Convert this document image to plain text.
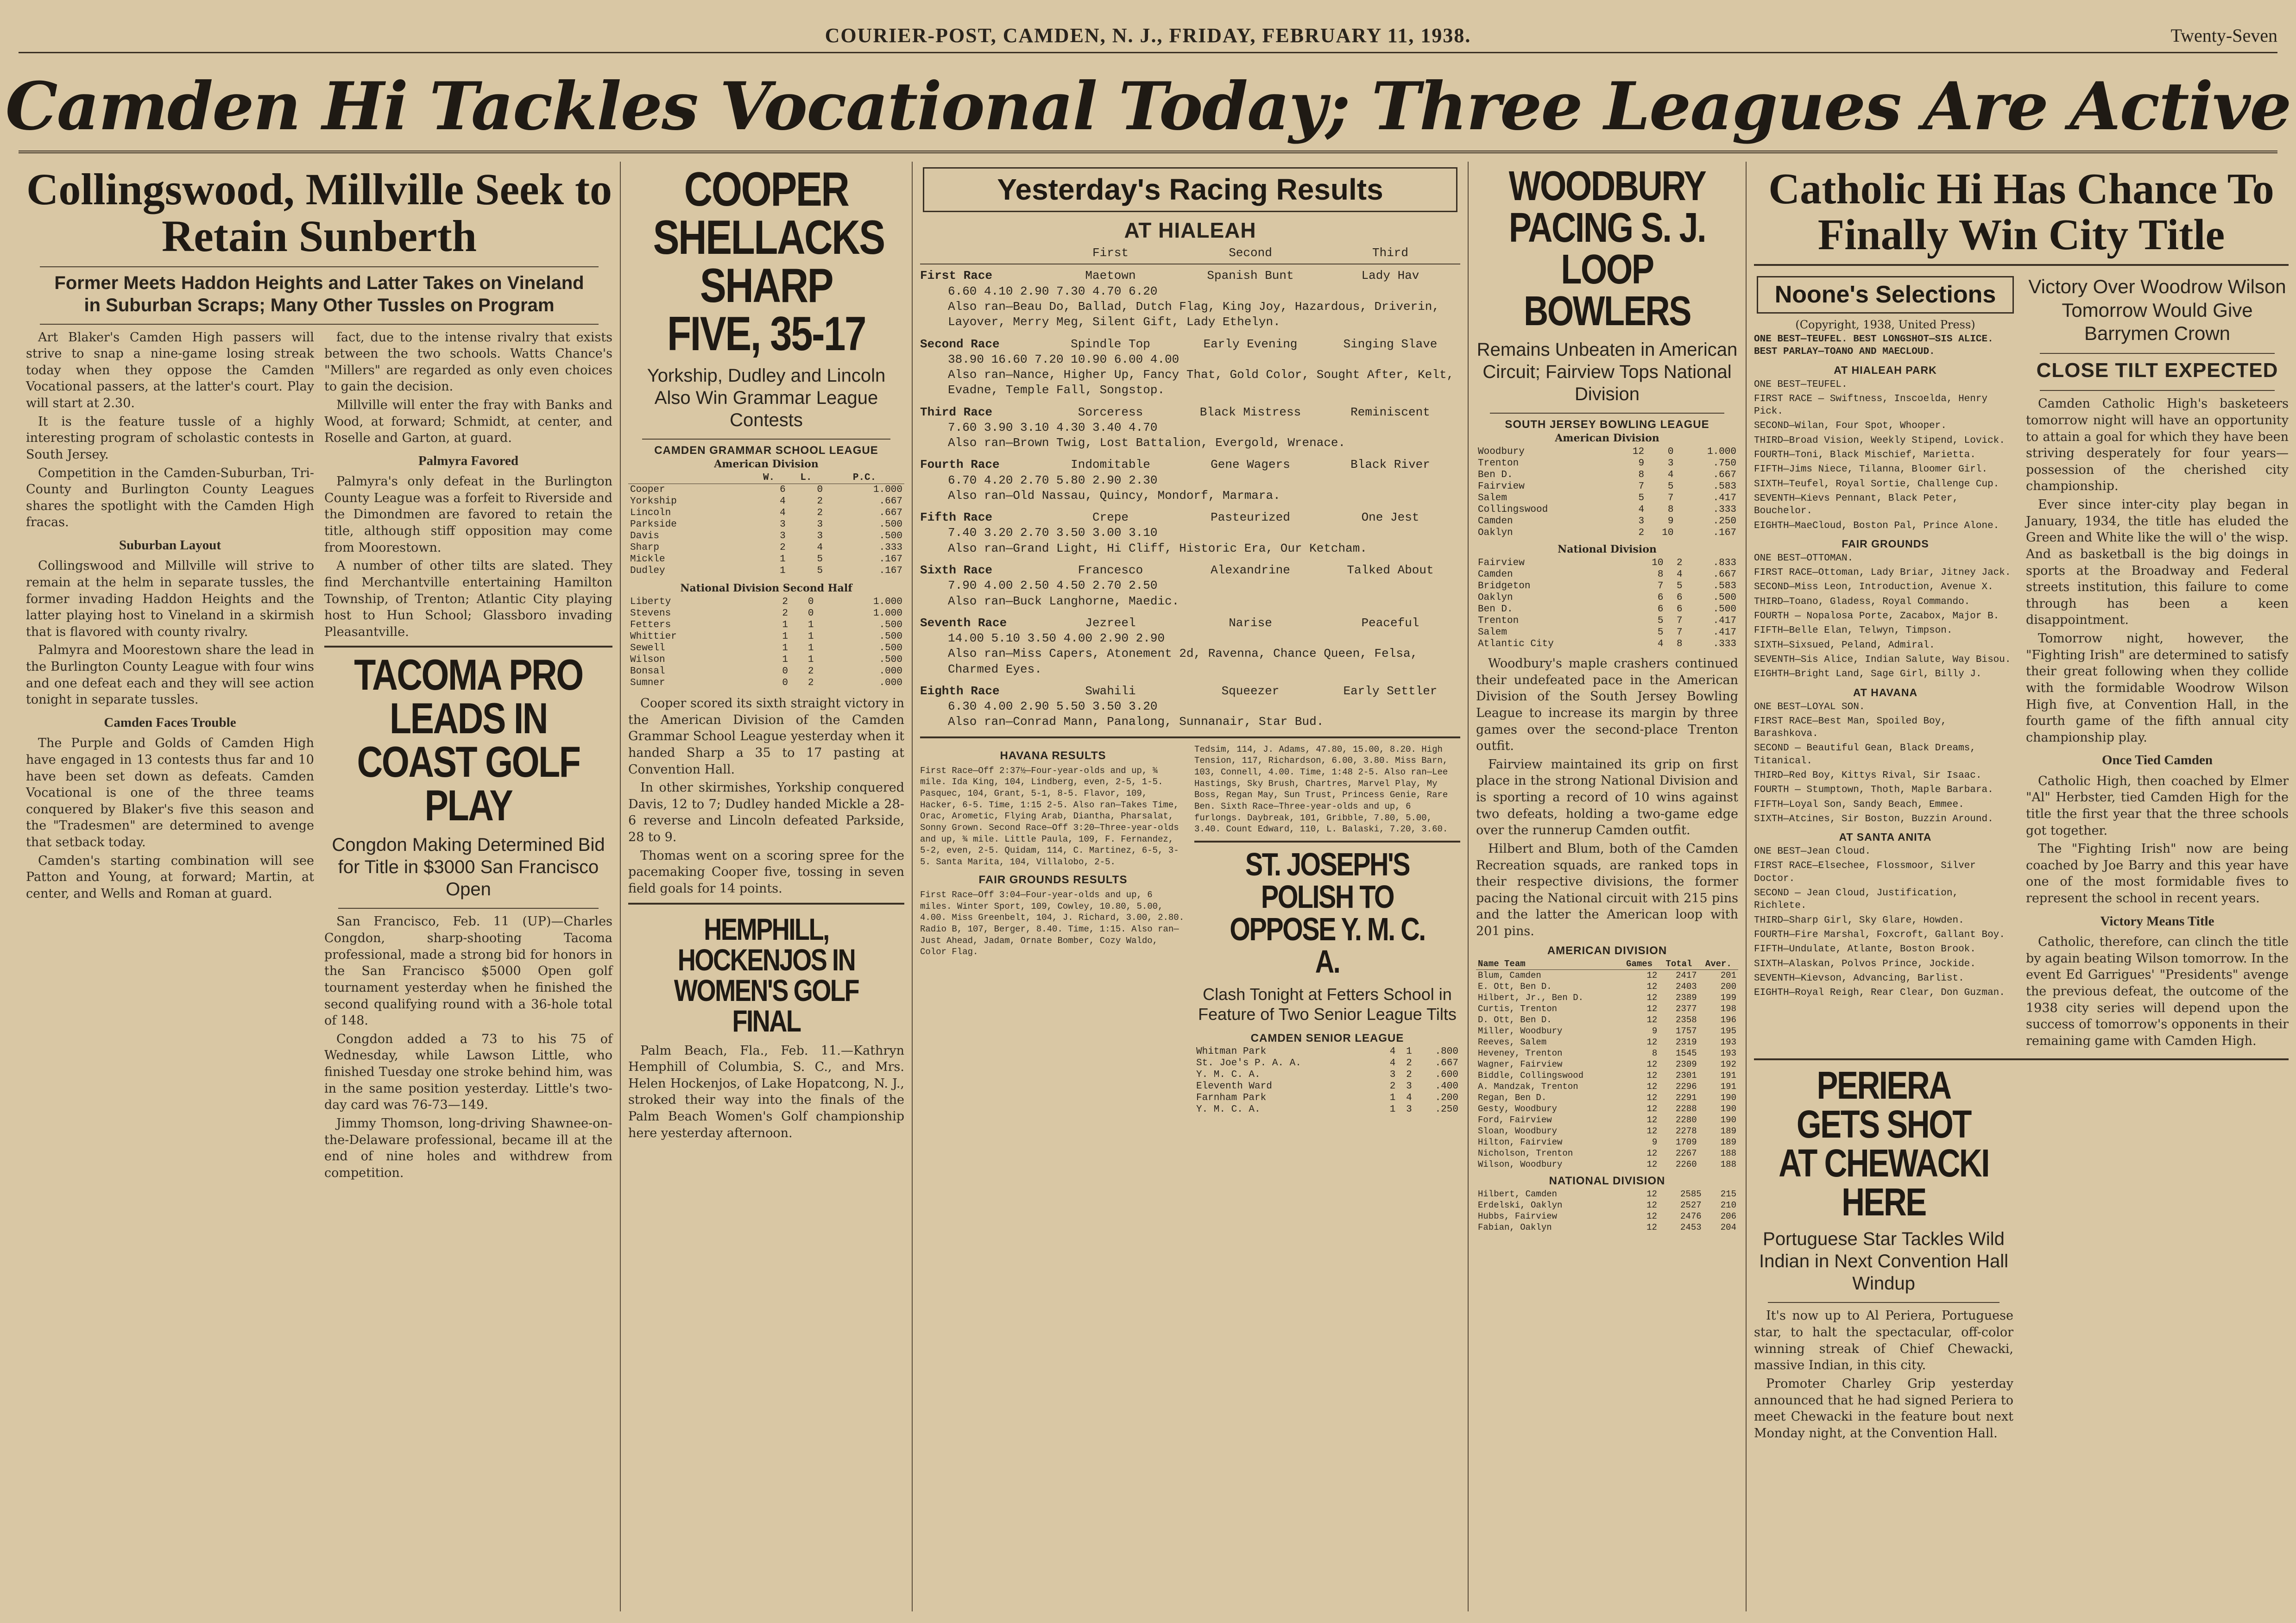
COURIER-POST, CAMDEN, N. J., FRIDAY, FEBRUARY 11, 1938.	Twenty-Seven
Camden Hi Tackles Vocational Today; Three Leagues Are Active
Collingswood, Millville Seek to Retain Sunberth
Former Meets Haddon Heights and Latter Takes on Vineland in Suburban Scraps; Many Other Tussles on Program

Art Blaker's Camden High passers will strive to snap a nine-game losing streak today when they oppose the Camden Vocational passers, at the latter's court. Play will start at 2.30.

It is the feature tussle of a highly interesting program of scholastic contests in South Jersey.

Competition in the Camden-Suburban, Tri-County and Burlington County Leagues shares the spotlight with the Camden High fracas.

Suburban Layout

Collingswood and Millville will strive to remain at the helm in separate tussles, the former invading Haddon Heights and the latter playing host to Vineland in a skirmish that is flavored with county rivalry.

Palmyra and Moorestown share the lead in the Burlington County League with four wins and one defeat each and they will see action tonight in separate tussles.

Camden Faces Trouble

The Purple and Golds of Camden High have engaged in 13 contests thus far and 10 have been set down as defeats. Camden Vocational is one of the three teams conquered by Blaker's five this season and the "Tradesmen" are determined to avenge that setback today.

Camden's starting combination will see Patton and Young, at forward; Martin, at center, and Wells and Roman at guard.

fact, due to the intense rivalry that exists between the two schools. Watts Chance's "Millers" are regarded as only even choices to gain the decision.

Millville will enter the fray with Banks and Wood, at forward; Schmidt, at center, and Roselle and Garton, at guard.

Palmyra Favored

Palmyra's only defeat in the Burlington County League was a forfeit to Riverside and the Dimondmen are favored to retain the title, although stiff opposition may come from Moorestown.

A number of other tilts are slated. They find Merchantville entertaining Hamilton Township, of Trenton; Atlantic City playing host to Hun School; Glassboro invading Pleasantville.

TACOMA PRO LEADS IN COAST GOLF PLAY
Congdon Making Determined Bid for Title in $3000 San Francisco Open

San Francisco, Feb. 11 (UP)—Charles Congdon, sharp-shooting Tacoma professional, made a strong bid for honors in the San Francisco $5000 Open golf tournament yesterday when he finished the second qualifying round with a 36-hole total of 148.

Congdon added a 73 to his 75 of Wednesday, while Lawson Little, who finished Tuesday one stroke behind him, was in the same position yesterday. Little's two-day card was 76-73—149.

Jimmy Thomson, long-driving Shawnee-on-the-Delaware professional, became ill at the end of nine holes and withdrew from competition.

COOPER SHELLACKS SHARP FIVE, 35-17
Yorkship, Dudley and Lincoln Also Win Grammar League Contests
CAMDEN GRAMMAR SCHOOL LEAGUE
American Division
	W.	L.	P.C.
Cooper	6	0	1.000
Yorkship	4	2	.667
Lincoln	4	2	.667
Parkside	3	3	.500
Davis	3	3	.500
Sharp	2	4	.333
Mickle	1	5	.167
Dudley	1	5	.167
National Division Second Half
Liberty	2	0	1.000
Stevens	2	0	1.000
Fetters	1	1	.500
Whittier	1	1	.500
Sewell	1	1	.500
Wilson	1	1	.500
Bonsal	0	2	.000
Sumner	0	2	.000

Cooper scored its sixth straight victory in the American Division of the Camden Grammar School League yesterday when it handed Sharp a 35 to 17 pasting at Convention Hall.

In other skirmishes, Yorkship conquered Davis, 12 to 7; Dudley handed Mickle a 28-6 reverse and Lincoln defeated Parkside, 28 to 9.

Thomas went on a scoring spree for the pacemaking Cooper five, tossing in seven field goals for 14 points.

HEMPHILL, HOCKENJOS IN WOMEN'S GOLF FINAL

Palm Beach, Fla., Feb. 11.—Kathryn Hemphill of Columbia, S. C., and Mrs. Helen Hockenjos, of Lake Hopatcong, N. J., stroked their way into the finals of the Palm Beach Women's Golf championship here yesterday afternoon.

Yesterday's Racing Results
AT HIALEAH
First	Second	Third
First Race	Maetown	Spanish Bunt	Lady Hav
6.60 4.10 2.90 7.30 4.70 6.20
Also ran—Beau Do, Ballad, Dutch Flag, King Joy, Hazardous, Driverin, Layover, Merry Meg, Silent Gift, Lady Ethelyn.
Second Race	Spindle Top	Early Evening	Singing Slave
38.90 16.60 7.20 10.90 6.00 4.00
Also ran—Nance, Higher Up, Fancy That, Gold Color, Sought After, Kelt, Evadne, Temple Fall, Songstop.
Third Race	Sorceress	Black Mistress	Reminiscent
7.60 3.90 3.10 4.30 3.40 4.70
Also ran—Brown Twig, Lost Battalion, Evergold, Wrenace.
Fourth Race	Indomitable	Gene Wagers	Black River
6.70 4.20 2.70 5.80 2.90 2.30
Also ran—Old Nassau, Quincy, Mondorf, Marmara.
Fifth Race	Crepe	Pasteurized	One Jest
7.40 3.20 2.70 3.50 3.00 3.10
Also ran—Grand Light, Hi Cliff, Historic Era, Our Ketcham.
Sixth Race	Francesco	Alexandrine	Talked About
7.90 4.00 2.50 4.50 2.70 2.50
Also ran—Buck Langhorne, Maedic.
Seventh Race	Jezreel	Narise	Peaceful
14.00 5.10 3.50 4.00 2.90 2.90
Also ran—Miss Capers, Atonement 2d, Ravenna, Chance Queen, Felsa, Charmed Eyes.
Eighth Race	Swahili	Squeezer	Early Settler
6.30 4.00 2.90 5.50 3.50 3.20
Also ran—Conrad Mann, Panalong, Sunnanair, Star Bud.
HAVANA RESULTS
First Race—Off 2:37½—Four-year-olds and up, ¾ mile. Ida King, 104, Lindberg, even, 2-5, 1-5. Pasquec, 104, Grant, 5-1, 8-5. Flavor, 109, Hacker, 6-5. Time, 1:15 2-5. Also ran—Takes Time, Orac, Arometic, Flying Arab, Diantha, Pharsalat, Sonny Grown. Second Race—Off 3:20—Three-year-olds and up, ¾ mile. Little Paula, 109, F. Fernandez, 5-2, even, 2-5. Quidam, 114, C. Martinez, 6-5, 3-5. Santa Marita, 104, Villalobo, 2-5.
FAIR GROUNDS RESULTS
First Race—Off 3:04—Four-year-olds and up, 6 miles. Winter Sport, 109, Cowley, 10.80, 5.00, 4.00. Miss Greenbelt, 104, J. Richard, 3.00, 2.80. Radio B, 107, Berger, 8.40. Time, 1:15. Also ran—Just Ahead, Jadam, Ornate Bomber, Cozy Waldo, Color Flag.
Tedsim, 114, J. Adams, 47.80, 15.00, 8.20. High Tension, 117, Richardson, 6.00, 3.80. Miss Barn, 103, Connell, 4.00. Time, 1:48 2-5. Also ran—Lee Hastings, Sky Brush, Chartres, Marvel Play, My Boss, Regan May, Sun Trust, Princess Genie, Rare Ben. Sixth Race—Three-year-olds and up, 6 furlongs. Daybreak, 101, Gribble, 7.80, 5.00, 3.40. Count Edward, 110, L. Balaski, 7.20, 3.60.
ST. JOSEPH'S POLISH TO OPPOSE Y. M. C. A.
Clash Tonight at Fetters School in Feature of Two Senior League Tilts
CAMDEN SENIOR LEAGUE
Whitman Park	4	1	.800
St. Joe's P. A. A.	4	2	.667
Y. M. C. A.	3	2	.600
Eleventh Ward	2	3	.400
Farnham Park	1	4	.200
Y. M. C. A.	1	3	.250
WOODBURY PACING S. J. LOOP BOWLERS
Remains Unbeaten in American Circuit; Fairview Tops National Division
SOUTH JERSEY BOWLING LEAGUE
American Division
Woodbury	12	0	1.000
Trenton	9	3	.750
Ben D.	8	4	.667
Fairview	7	5	.583
Salem	5	7	.417
Collingswood	4	8	.333
Camden	3	9	.250
Oaklyn	2	10	.167
National Division
Fairview	10	2	.833
Camden	8	4	.667
Bridgeton	7	5	.583
Oaklyn	6	6	.500
Ben D.	6	6	.500
Trenton	5	7	.417
Salem	5	7	.417
Atlantic City	4	8	.333

Woodbury's maple crashers continued their undefeated pace in the American Division of the South Jersey Bowling League to increase its margin by three games over the second-place Trenton outfit.

Fairview maintained its grip on first place in the strong National Division and is sporting a record of 10 wins against two defeats, holding a two-game edge over the runnerup Camden outfit.

Hilbert and Blum, both of the Camden Recreation squads, are ranked tops in their respective divisions, the former pacing the National circuit with 215 pins and the latter the American loop with 201 pins.

AMERICAN DIVISION
Name Team	Games	Total	Aver.
Blum, Camden	12	2417	201
E. Ott, Ben D.	12	2403	200
Hilbert, Jr., Ben D.	12	2389	199
Curtis, Trenton	12	2377	198
D. Ott, Ben D.	12	2358	196
Miller, Woodbury	9	1757	195
Reeves, Salem	12	2319	193
Heveney, Trenton	8	1545	193
Wagner, Fairview	12	2309	192
Biddle, Collingswood	12	2301	191
A. Mandzak, Trenton	12	2296	191
Regan, Ben D.	12	2291	190
Gesty, Woodbury	12	2288	190
Ford, Fairview	12	2280	190
Sloan, Woodbury	12	2278	189
Hilton, Fairview	9	1709	189
Nicholson, Trenton	12	2267	188
Wilson, Woodbury	12	2260	188
NATIONAL DIVISION
Hilbert, Camden	12	2585	215
Erdelski, Oaklyn	12	2527	210
Hubbs, Fairview	12	2476	206
Fabian, Oaklyn	12	2453	204
Catholic Hi Has Chance To Finally Win City Title
Noone's Selections
(Copyright, 1938, United Press)
ONE BEST—TEUFEL. BEST LONGSHOT—SIS ALICE. BEST PARLAY—TOANO AND MAECLOUD.
AT HIALEAH PARK
ONE BEST—TEUFEL.
FIRST RACE — Swiftness, Inscoelda, Henry Pick.
SECOND—Wilan, Four Spot, Whooper.
THIRD—Broad Vision, Weekly Stipend, Lovick.
FOURTH—Toni, Black Mischief, Marietta.
FIFTH—Jims Niece, Tilanna, Bloomer Girl.
SIXTH—Teufel, Royal Sortie, Challenge Cup.
SEVENTH—Kievs Pennant, Black Peter, Bouchelor.
EIGHTH—MaeCloud, Boston Pal, Prince Alone.
FAIR GROUNDS
ONE BEST—OTTOMAN.
FIRST RACE—Ottoman, Lady Briar, Jitney Jack.
SECOND—Miss Leon, Introduction, Avenue X.
THIRD—Toano, Gladess, Royal Commando.
FOURTH — Nopalosa Porte, Zacabox, Major B.
FIFTH—Belle Elan, Telwyn, Timpson.
SIXTH—Sixsued, Peland, Admiral.
SEVENTH—Sis Alice, Indian Salute, Way Bisou.
EIGHTH—Bright Land, Sage Girl, Billy J.
AT HAVANA
ONE BEST—LOYAL SON.
FIRST RACE—Best Man, Spoiled Boy, Barashkova.
SECOND — Beautiful Gean, Black Dreams, Titanical.
THIRD—Red Boy, Kittys Rival, Sir Isaac.
FOURTH — Stumptown, Thoth, Maple Barbara.
FIFTH—Loyal Son, Sandy Beach, Emmee.
SIXTH—Atcines, Sir Boston, Buzzin Around.
AT SANTA ANITA
ONE BEST—Jean Cloud.
FIRST RACE—Elsechee, Flossmoor, Silver Doctor.
SECOND — Jean Cloud, Justification, Richlete.
THIRD—Sharp Girl, Sky Glare, Howden.
FOURTH—Fire Marshal, Foxcroft, Gallant Boy.
FIFTH—Undulate, Atlante, Boston Brook.
SIXTH—Alaskan, Polvos Prince, Jockide.
SEVENTH—Kievson, Advancing, Barlist.
EIGHTH—Royal Reigh, Rear Clear, Don Guzman.
Victory Over Woodrow Wilson Tomorrow Would Give Barrymen Crown
CLOSE TILT EXPECTED

Camden Catholic High's basketeers tomorrow night will have an opportunity to attain a goal for which they have been striving desperately for four years—possession of the cherished city championship.

Ever since inter-city play began in January, 1934, the title has eluded the Green and White like the will o' the wisp. And as basketball is the big doings in sports at the Broadway and Federal streets institution, this failure to come through has been a keen disappointment.

Tomorrow night, however, the "Fighting Irish" are determined to satisfy their great following when they collide with the formidable Woodrow Wilson High five, at Convention Hall, in the fourth game of the fifth annual city championship play.

Once Tied Camden

Catholic High, then coached by Elmer "Al" Herbster, tied Camden High for the title the first year that the three schools got together.

The "Fighting Irish" now are being coached by Joe Barry and this year have one of the most formidable fives to represent the school in recent years.

Victory Means Title

Catholic, therefore, can clinch the title by again beating Wilson tomorrow. In the event Ed Garrigues' "Presidents" avenge the previous defeat, the outcome of the 1938 city series will depend upon the success of tomorrow's opponents in their remaining game with Camden High.

PERIERA GETS SHOT AT CHEWACKI HERE
Portuguese Star Tackles Wild Indian in Next Convention Hall Windup

It's now up to Al Periera, Portuguese star, to halt the spectacular, off-color winning streak of Chief Chewacki, massive Indian, in this city.

Promoter Charley Grip yesterday announced that he had signed Periera to meet Chewacki in the feature bout next Monday night, at the Convention Hall.
